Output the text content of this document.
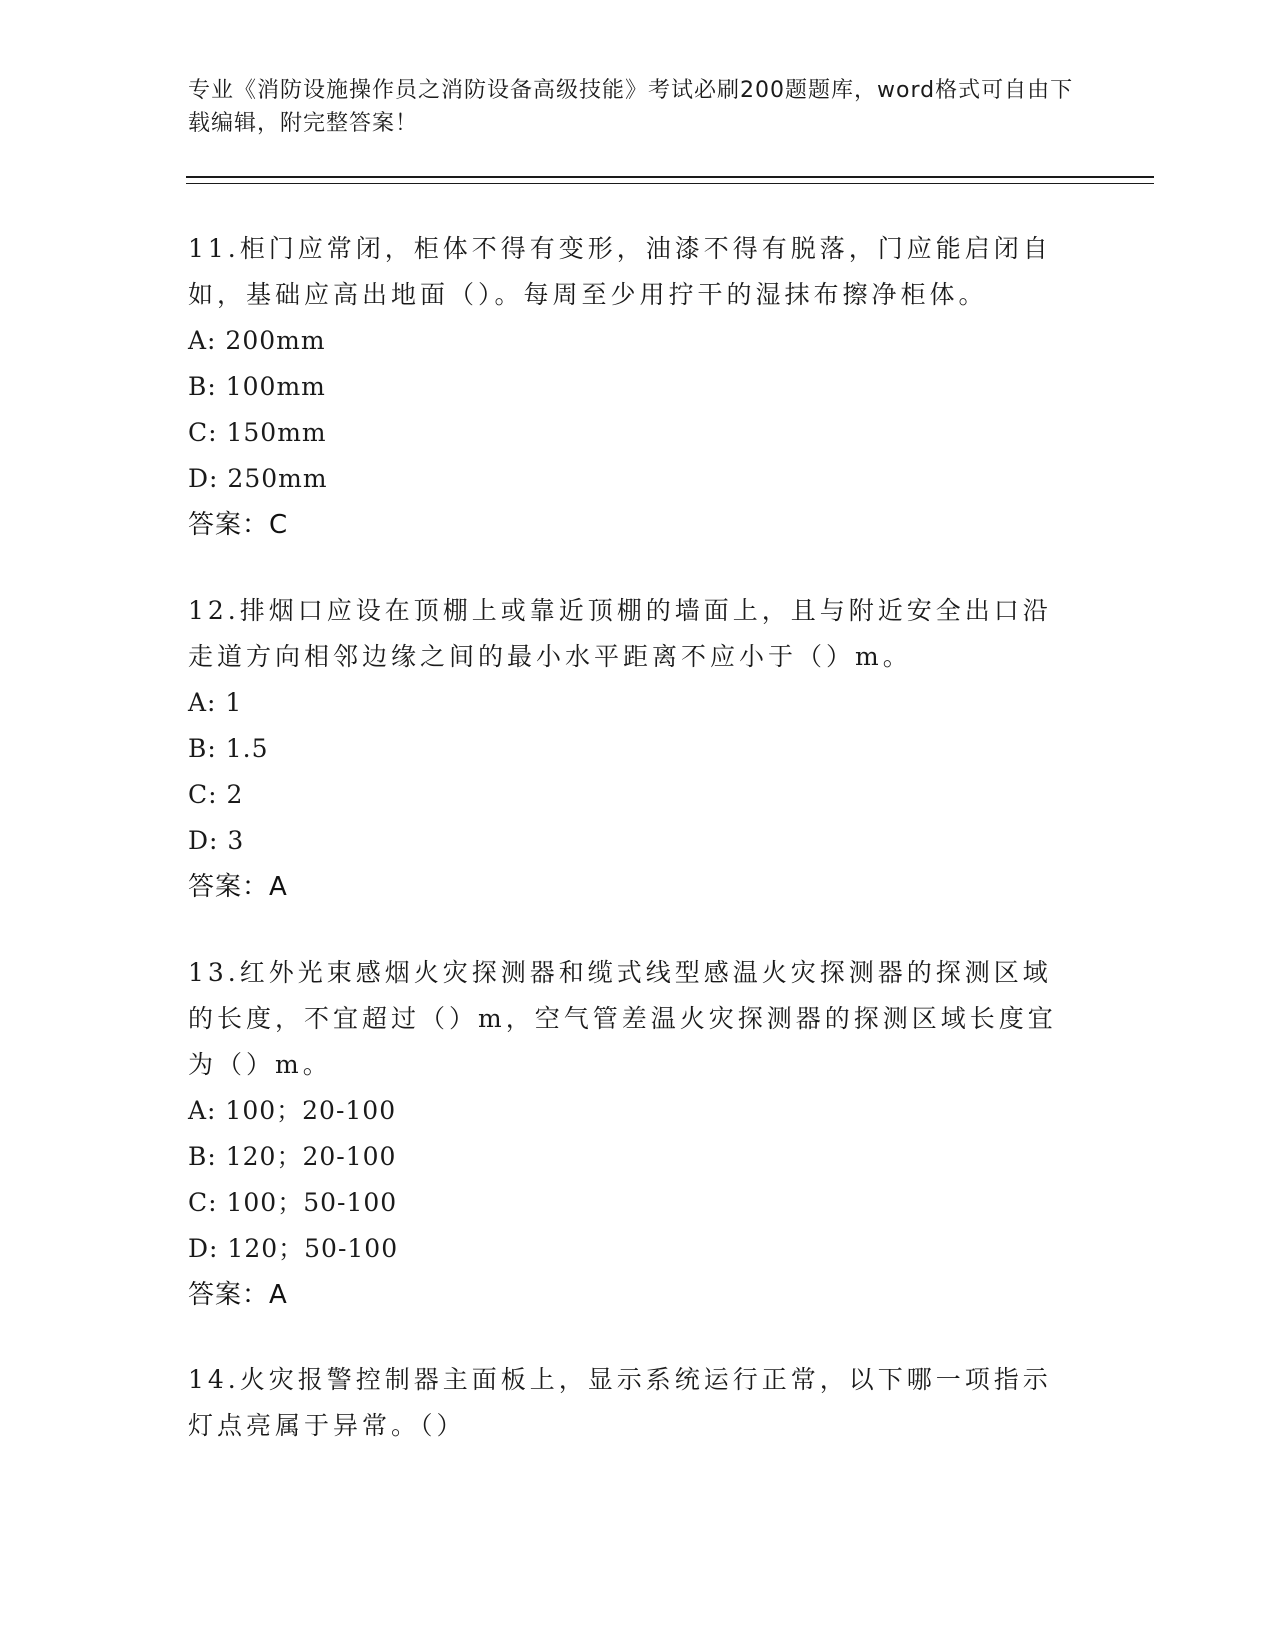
专业《消防设施操作员之消防设备高级技能》考试必刷200题题库，word格式可自由下载编辑，附完整答案！

11.柜门应常闭，柜体不得有变形，油漆不得有脱落，门应能启闭自如，基础应高出地面（）。每周至少用拧干的湿抹布擦净柜体。

A: 200mm
B: 100mm
C: 150mm
D: 250mm
答案：C

12.排烟口应设在顶棚上或靠近顶棚的墙面上，且与附近安全出口沿走道方向相邻边缘之间的最小水平距离不应小于（）m。

A: 1
B: 1.5
C: 2
D: 3
答案：A

13.红外光束感烟火灾探测器和缆式线型感温火灾探测器的探测区域的长度，不宜超过（）m，空气管差温火灾探测器的探测区域长度宜为（）m。

A: 100；20-100
B: 120；20-100
C: 100；50-100
D: 120；50-100
答案：A

14.火灾报警控制器主面板上，显示系统运行正常，以下哪一项指示灯点亮属于异常。（）
